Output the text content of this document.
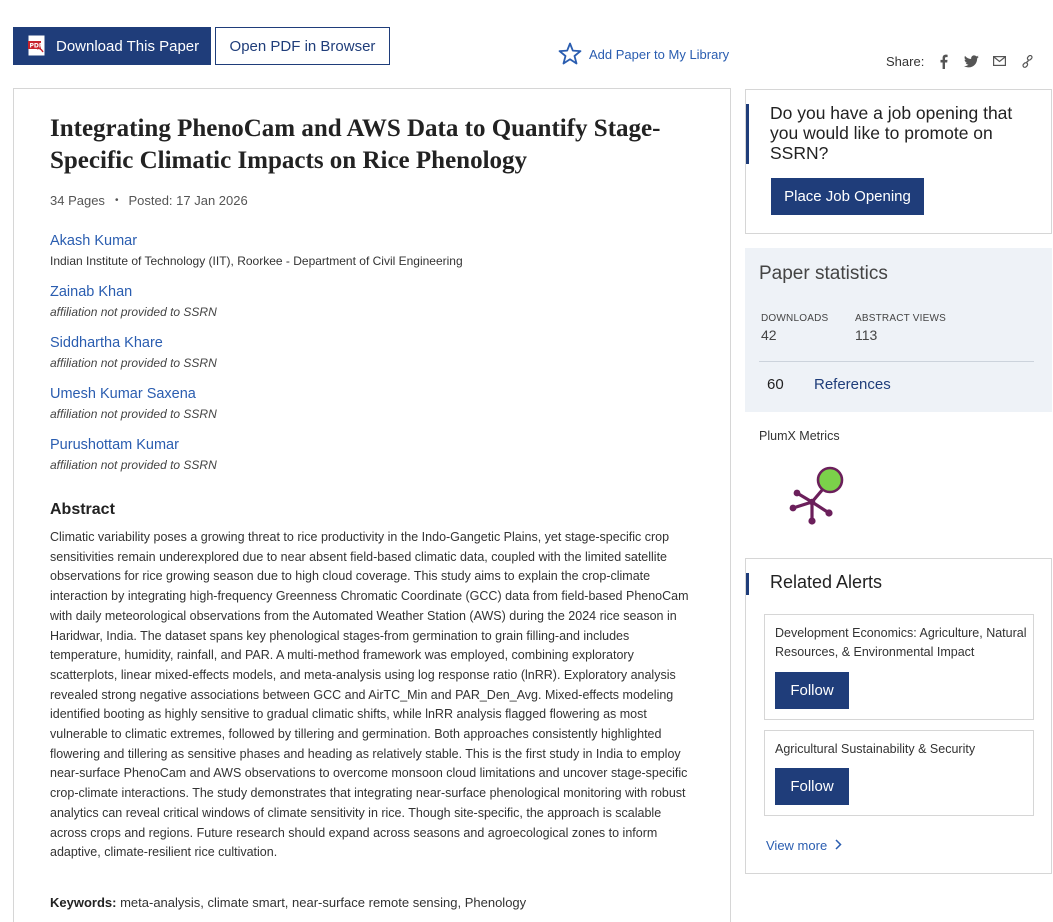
PDF Download This Paper Open PDF in Browser	Add Paper to My Library	Share:
Integrating PhenoCam and AWS Data to Quantify Stage-Specific Climatic Impacts on Rice Phenology
34 Pages • Posted: 17 Jan 2026
Akash Kumar
Indian Institute of Technology (IIT), Roorkee - Department of Civil Engineering
Zainab Khan
affiliation not provided to SSRN
Siddhartha Khare
affiliation not provided to SSRN
Umesh Kumar Saxena
affiliation not provided to SSRN
Purushottam Kumar
affiliation not provided to SSRN
Abstract

Climatic variability poses a growing threat to rice productivity in the Indo-Gangetic Plains, yet stage-specific crop sensitivities remain underexplored due to near absent field-based climatic data, coupled with the limited satellite observations for rice growing season due to high cloud coverage. This study aims to explain the crop-climate interaction by integrating high-frequency Greenness Chromatic Coordinate (GCC) data from field-based PhenoCam with daily meteorological observations from the Automated Weather Station (AWS) during the 2024 rice season in Haridwar, India. The dataset spans key phenological stages-from germination to grain filling-and includes temperature, humidity, rainfall, and PAR. A multi-method framework was employed, combining exploratory scatterplots, linear mixed-effects models, and meta-analysis using log response ratio (lnRR). Exploratory analysis revealed strong negative associations between GCC and AirTC_Min and PAR_Den_Avg. Mixed-effects modeling identified booting as highly sensitive to gradual climatic shifts, while lnRR analysis flagged flowering as most vulnerable to climatic extremes, followed by tillering and germination. Both approaches consistently highlighted flowering and tillering as sensitive phases and heading as relatively stable. This is the first study in India to employ near-surface PhenoCam and AWS observations to overcome monsoon cloud limitations and uncover stage-specific crop-climate interactions. The study demonstrates that integrating near-surface phenological monitoring with robust analytics can reveal critical windows of climate sensitivity in rice. Though site-specific, the approach is scalable across crops and regions. Future research should expand across seasons and agroecological zones to inform adaptive, climate-resilient rice cultivation.

Keywords: meta-analysis, climate smart, near-surface remote sensing, Phenology
Do you have a job opening that you would like to promote on SSRN?
Place Job Opening
Paper statistics
DOWNLOADS
42
ABSTRACT VIEWS
113
60 References
PlumX Metrics
Related Alerts
Development Economics: Agriculture, Natural Resources, & Environmental Impact
Follow
Agricultural Sustainability & Security
Follow
View more
